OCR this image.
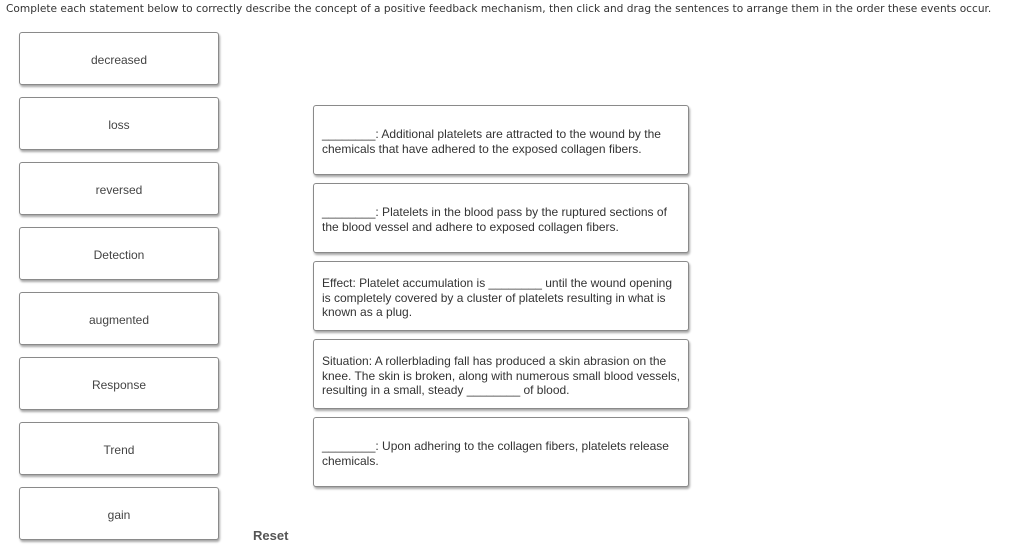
Complete each statement below to correctly describe the concept of a positive feedback mechanism, then click and drag the sentences to arrange them in the order these events occur.
decreased
loss
reversed
Detection
augmented
Response
Trend
gain
________: Additional platelets are attracted to the wound by the chemicals that have adhered to the exposed collagen fibers.
________: Platelets in the blood pass by the ruptured sections of the blood vessel and adhere to exposed collagen fibers.
Effect: Platelet accumulation is ________ until the wound opening is completely covered by a cluster of platelets resulting in what is known as a plug.
Situation: A rollerblading fall has produced a skin abrasion on the knee. The skin is broken, along with numerous small blood vessels, resulting in a small, steady ________ of blood.
________: Upon adhering to the collagen fibers, platelets release chemicals.
Reset
